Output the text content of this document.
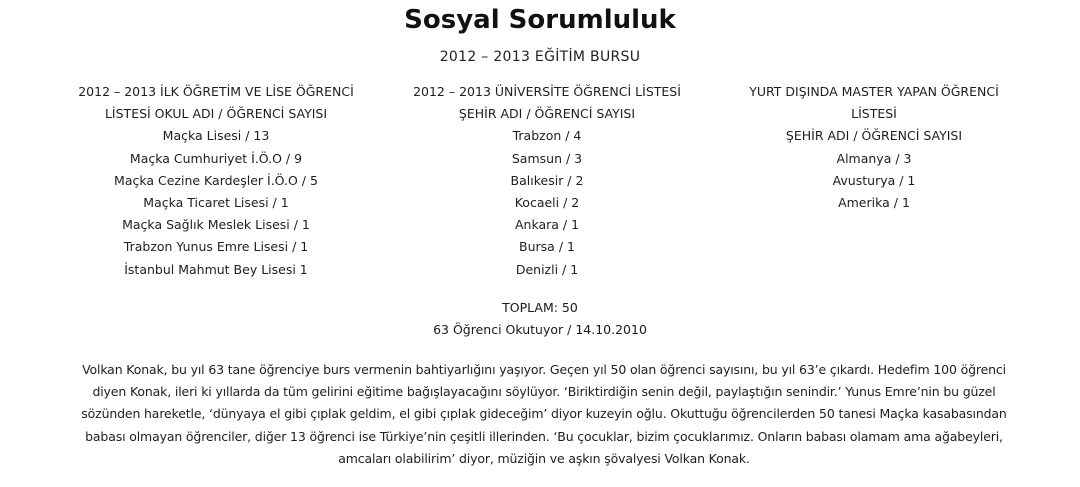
Sosyal Sorumluluk
2012 – 2013 EĞİTİM BURSU
2012 – 2013 İLK ÖĞRETİM VE LİSE ÖĞRENCİ
LİSTESİ OKUL ADI / ÖĞRENCİ SAYISI
Maçka Lisesi / 13
Maçka Cumhuriyet İ.Ö.O / 9
Maçka Cezine Kardeşler İ.Ö.O / 5
Maçka Ticaret Lisesi / 1
Maçka Sağlık Meslek Lisesi / 1
Trabzon Yunus Emre Lisesi / 1
İstanbul Mahmut Bey Lisesi 1
2012 – 2013 ÜNİVERSİTE ÖĞRENCİ LİSTESİ
ŞEHİR ADI / ÖĞRENCİ SAYISI
Trabzon / 4
Samsun / 3
Balıkesir / 2
Kocaeli / 2
Ankara / 1
Bursa / 1
Denizli / 1
YURT DIŞINDA MASTER YAPAN ÖĞRENCİ LİSTESİ
ŞEHİR ADI / ÖĞRENCİ SAYISI
Almanya / 3
Avusturya / 1
Amerika / 1
TOPLAM: 50
63 Öğrenci Okutuyor / 14.10.2010

Volkan Konak, bu yıl 63 tane öğrenciye burs vermenin bahtiyarlığını yaşıyor. Geçen yıl 50 olan öğrenci sayısını, bu yıl 63’e çıkardı. Hedefim 100 öğrenci diyen Konak, ileri ki yıllarda da tüm gelirini eğitime bağışlayacağını söylüyor. ‘Biriktirdiğin senin değil, paylaştığın senindir.’ Yunus Emre’nin bu güzel sözünden hareketle, ‘dünyaya el gibi çıplak geldim, el gibi çıplak gideceğim’ diyor kuzeyin oğlu. Okuttuğu öğrencilerden 50 tanesi Maçka kasabasından babası olmayan öğrenciler, diğer 13 öğrenci ise Türkiye’nin çeşitli illerinden. ‘Bu çocuklar, bizim çocuklarımız. Onların babası olamam ama ağabeyleri, amcaları olabilirim’ diyor, müziğin ve aşkın şövalyesi Volkan Konak.
